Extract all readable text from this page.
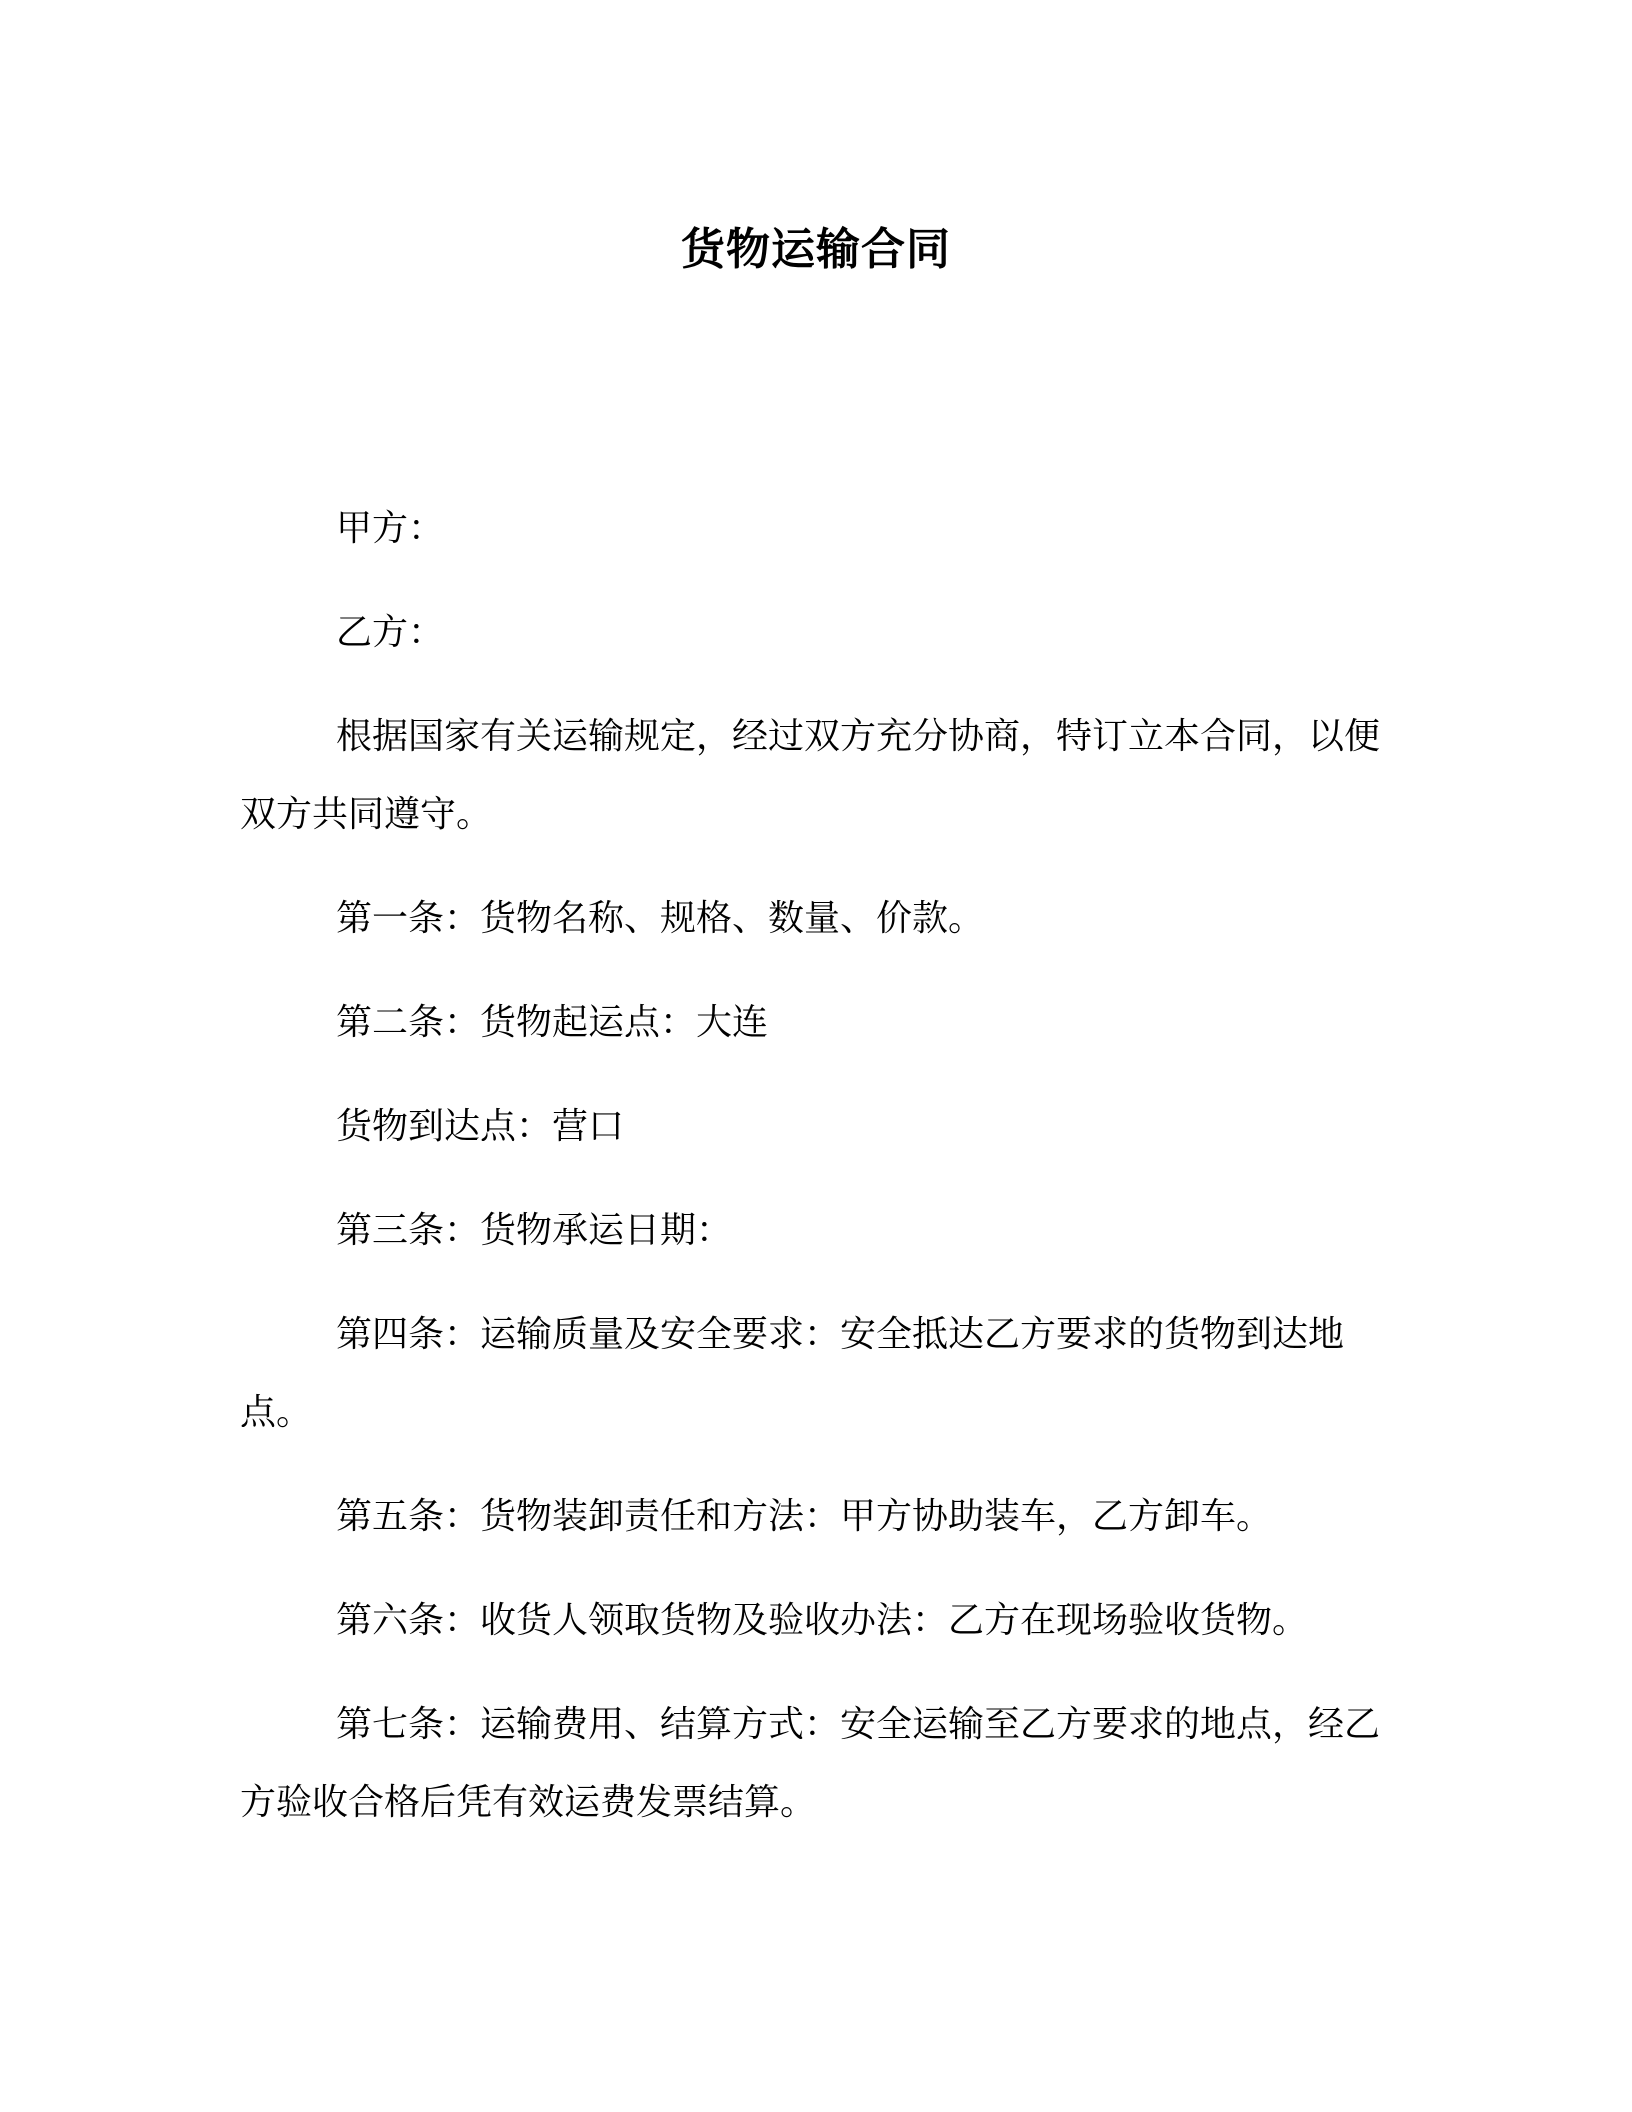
货物运输合同

甲方：

乙方：

根据国家有关运输规定，经过双方充分协商，特订立本合同，以便双方共同遵守。

第一条：货物名称、规格、数量、价款。

第二条：货物起运点：大连

货物到达点：营口

第三条：货物承运日期：

第四条：运输质量及安全要求：安全抵达乙方要求的货物到达地点。

第五条：货物装卸责任和方法：甲方协助装车，乙方卸车。

第六条：收货人领取货物及验收办法：乙方在现场验收货物。

第七条：运输费用、结算方式：安全运输至乙方要求的地点，经乙方验收合格后凭有效运费发票结算。
